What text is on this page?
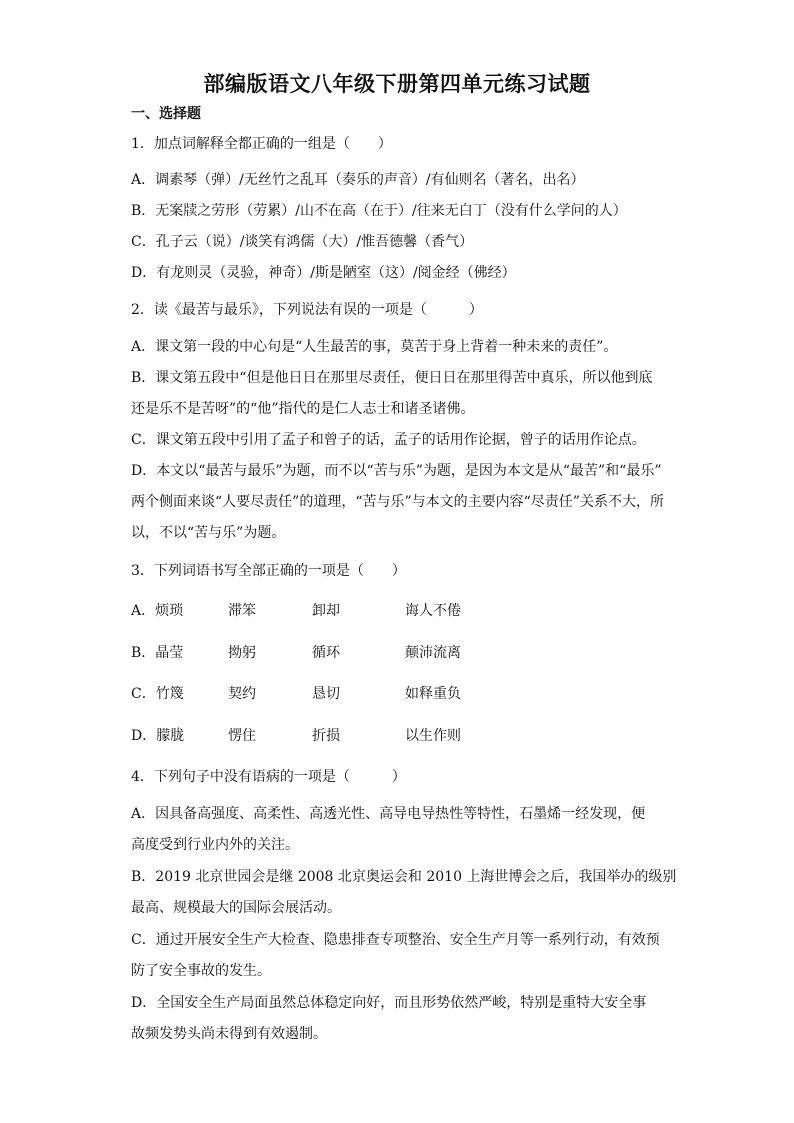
部编版语文八年级下册第四单元练习试题
一、选择题
1．加点词解释全都正确的一组是（　　）
A．调素琴（弹）/无丝竹之乱耳（奏乐的声音）/有仙则名（著名，出名）
B．无案牍之劳形（劳累）/山不在高（在于）/往来无白丁（没有什么学问的人）
C．孔子云（说）/谈笑有鸿儒（大）/惟吾德馨（香气）
D．有龙则灵（灵验，神奇）/斯是陋室（这）/阅金经（佛经）
2．读《最苦与最乐》，下列说法有误的一项是（　　　）
A．课文第一段的中心句是“人生最苦的事，莫苦于身上背着一种未来的责任”。
B．课文第五段中“但是他日日在那里尽责任，便日日在那里得苦中真乐，所以他到底
还是乐不是苦呀”的“他”指代的是仁人志士和诸圣诸佛。
C．课文第五段中引用了孟子和曾子的话，孟子的话用作论据，曾子的话用作论点。
D．本文以“最苦与最乐”为题，而不以“苦与乐”为题，是因为本文是从“最苦”和“最乐”
两个侧面来谈“人要尽责任”的道理，“苦与乐”与本文的主要内容“尽责任”关系不大，所
以，不以“苦与乐”为题。
3．下列词语书写全部正确的一项是（　　）
A．烦琐	滞笨	卸却	诲人不倦
B．晶莹	拗躬	循环	颠沛流离
C．竹篾	契约	恳切	如释重负
D．朦胧	愣住	折损	以生作则
4．下列句子中没有语病的一项是（　　　）
A．因具备高强度、高柔性、高透光性、高导电导热性等特性，石墨烯一经发现，便
高度受到行业内外的关注。
B．2019 北京世园会是继 2008 北京奥运会和 2010 上海世博会之后，我国举办的级别
最高、规模最大的国际会展活动。
C．通过开展安全生产大检查、隐患排查专项整治、安全生产月等一系列行动，有效预
防了安全事故的发生。
D．全国安全生产局面虽然总体稳定向好，而且形势依然严峻，特别是重特大安全事
故频发势头尚未得到有效遏制。
